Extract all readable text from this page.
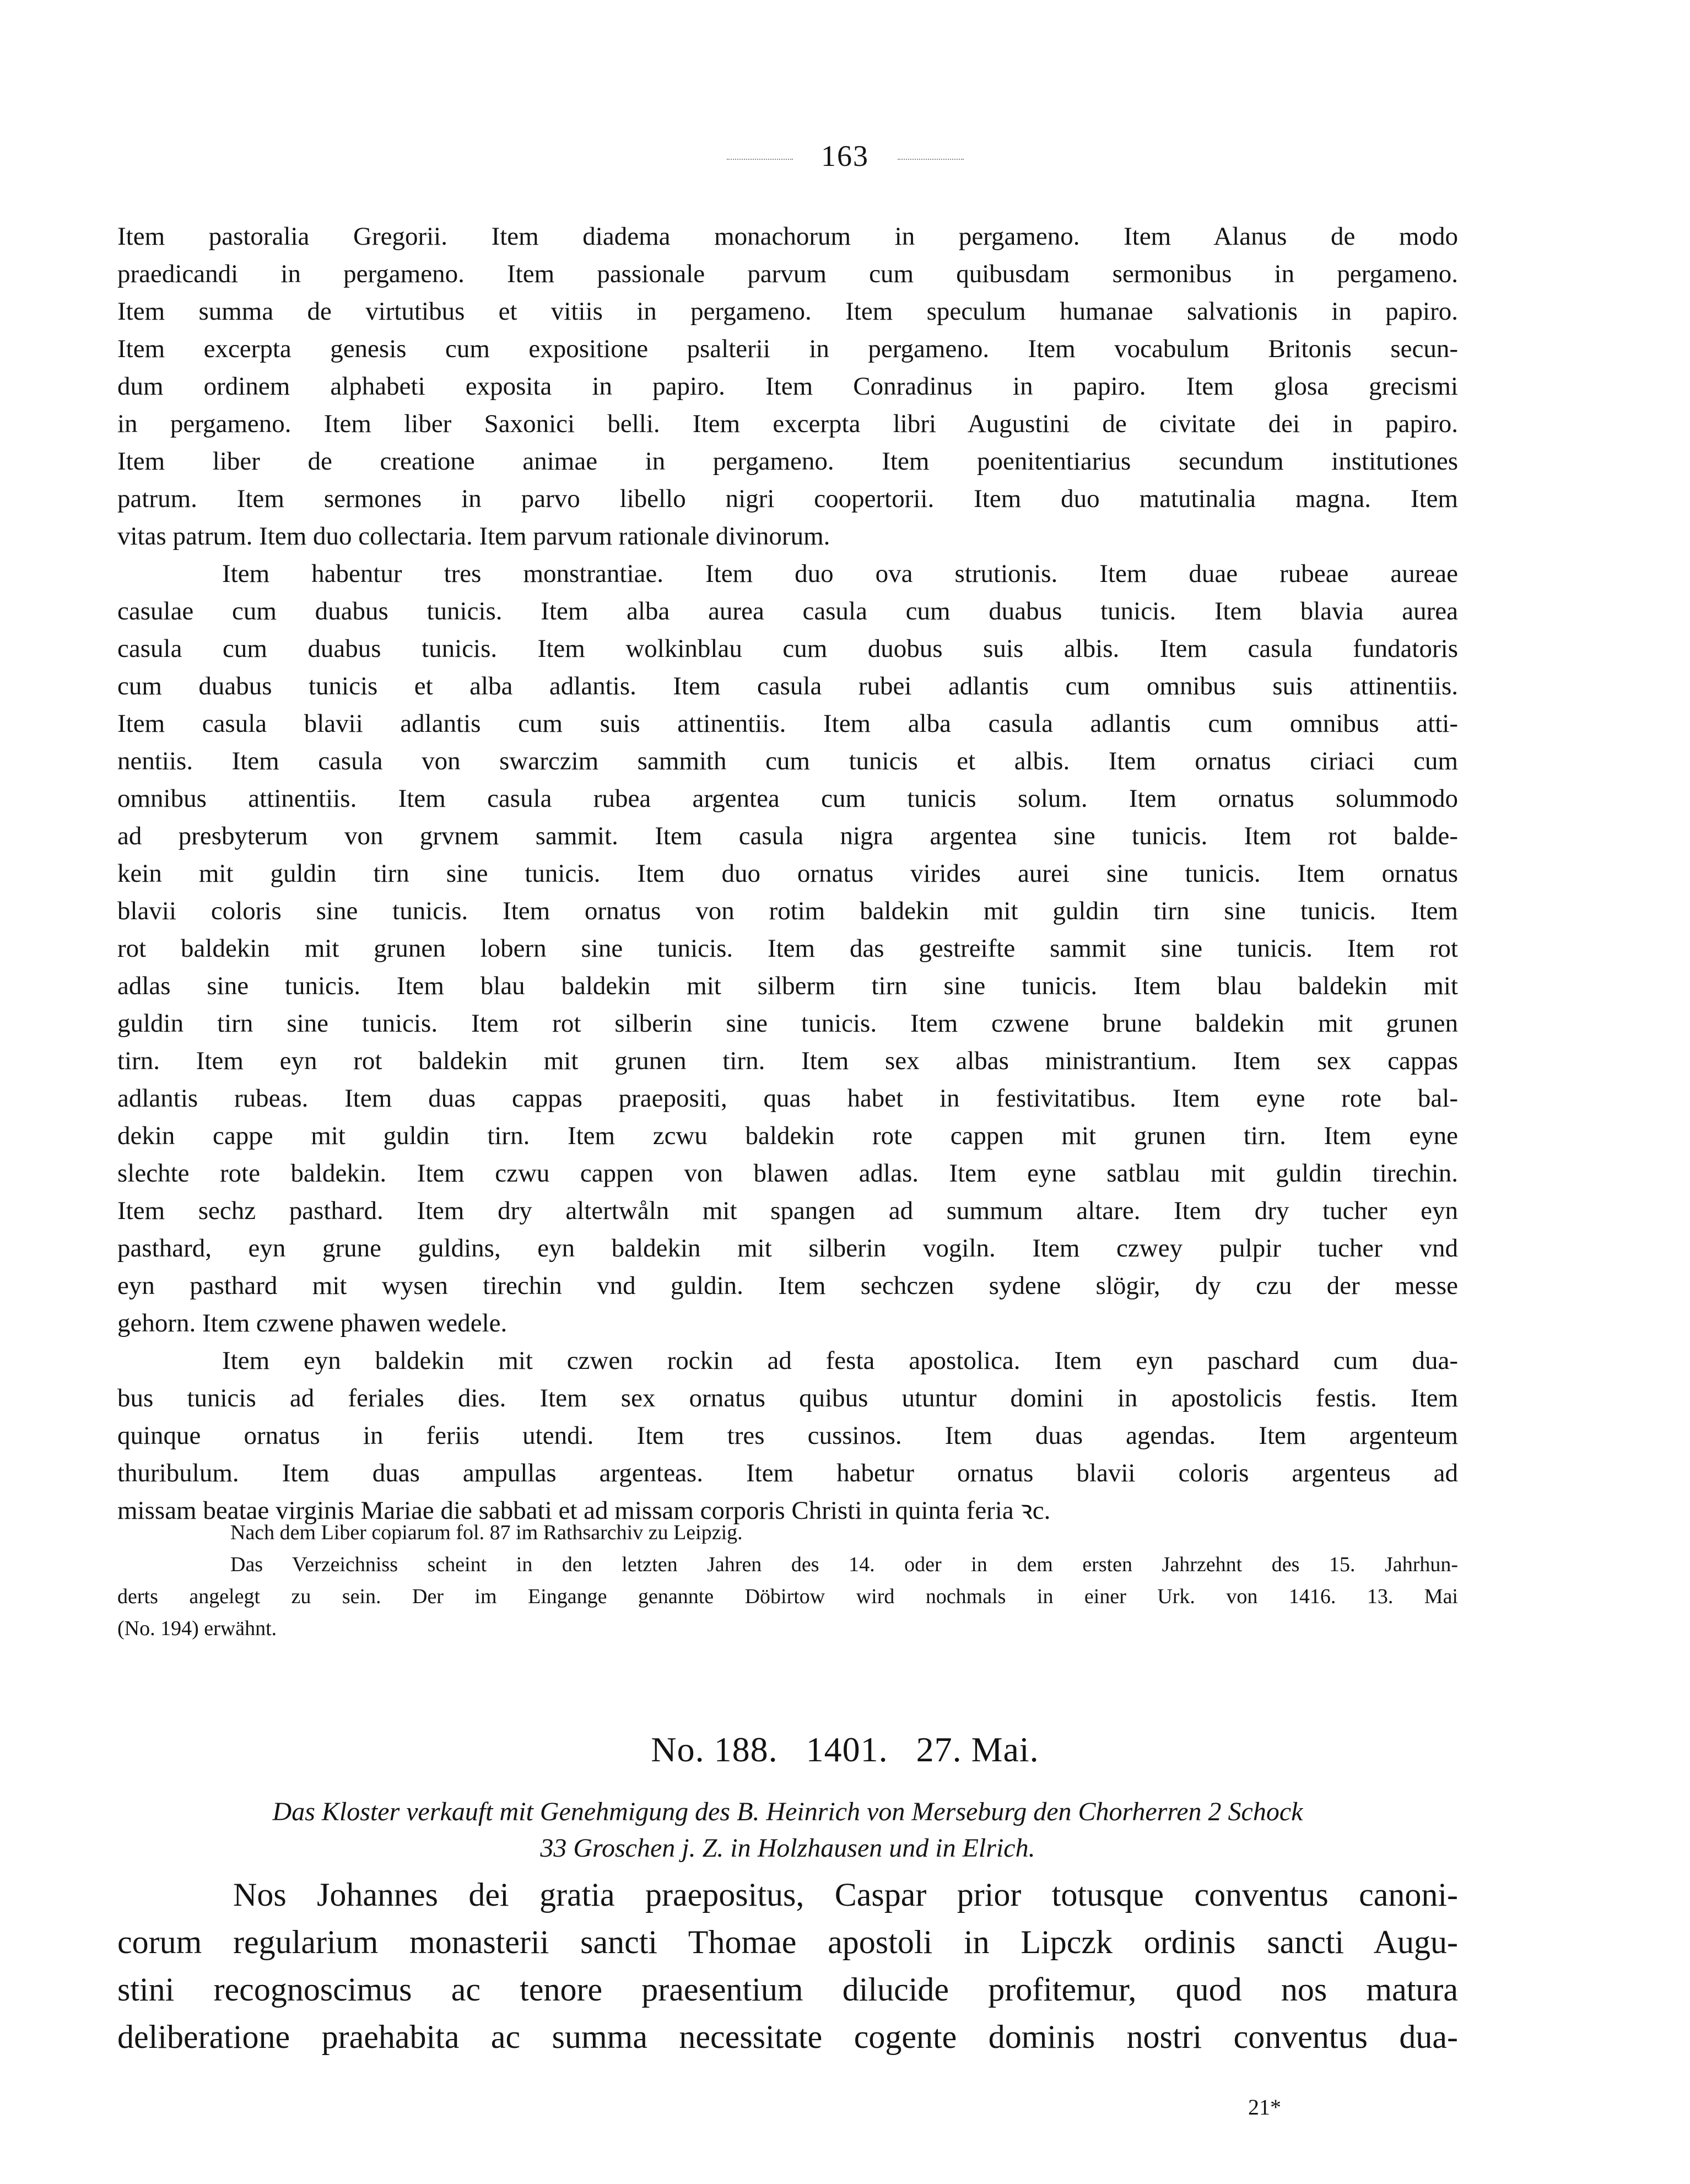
163

Item pastoralia Gregorii. Item diadema monachorum in pergameno. Item Alanus de modo
praedicandi in pergameno. Item passionale parvum cum quibusdam sermonibus in pergameno.
Item summa de virtutibus et vitiis in pergameno. Item speculum humanae salvationis in papiro.
Item excerpta genesis cum expositione psalterii in pergameno. Item vocabulum Britonis secun-
dum ordinem alphabeti exposita in papiro. Item Conradinus in papiro. Item glosa grecismi
in pergameno. Item liber Saxonici belli. Item excerpta libri Augustini de civitate dei in papiro.
Item liber de creatione animae in pergameno. Item poenitentiarius secundum institutiones
patrum. Item sermones in parvo libello nigri coopertorii. Item duo matutinalia magna. Item
vitas patrum. Item duo collectaria. Item parvum rationale divinorum.

Item habentur tres monstrantiae. Item duo ova strutionis. Item duae rubeae aureae
casulae cum duabus tunicis. Item alba aurea casula cum duabus tunicis. Item blavia aurea
casula cum duabus tunicis. Item wolkinblau cum duobus suis albis. Item casula fundatoris
cum duabus tunicis et alba adlantis. Item casula rubei adlantis cum omnibus suis attinentiis.
Item casula blavii adlantis cum suis attinentiis. Item alba casula adlantis cum omnibus atti-
nentiis. Item casula von swarczim sammith cum tunicis et albis. Item ornatus ciriaci cum
omnibus attinentiis. Item casula rubea argentea cum tunicis solum. Item ornatus solummodo
ad presbyterum von grvnem sammit. Item casula nigra argentea sine tunicis. Item rot balde-
kein mit guldin tirn sine tunicis. Item duo ornatus virides aurei sine tunicis. Item ornatus
blavii coloris sine tunicis. Item ornatus von rotim baldekin mit guldin tirn sine tunicis. Item
rot baldekin mit grunen lobern sine tunicis. Item das gestreifte sammit sine tunicis. Item rot
adlas sine tunicis. Item blau baldekin mit silberm tirn sine tunicis. Item blau baldekin mit
guldin tirn sine tunicis. Item rot silberin sine tunicis. Item czwene brune baldekin mit grunen
tirn. Item eyn rot baldekin mit grunen tirn. Item sex albas ministrantium. Item sex cappas
adlantis rubeas. Item duas cappas praepositi, quas habet in festivitatibus. Item eyne rote bal-
dekin cappe mit guldin tirn. Item zcwu baldekin rote cappen mit grunen tirn. Item eyne
slechte rote baldekin. Item czwu cappen von blawen adlas. Item eyne satblau mit guldin tirechin.
Item sechz pasthard. Item dry altertwåln mit spangen ad summum altare. Item dry tucher eyn
pasthard, eyn grune guldins, eyn baldekin mit silberin vogiln. Item czwey pulpir tucher vnd
eyn pasthard mit wysen tirechin vnd guldin. Item sechczen sydene slögir, dy czu der messe
gehorn. Item czwene phawen wedele.

Item eyn baldekin mit czwen rockin ad festa apostolica. Item eyn paschard cum dua-
bus tunicis ad feriales dies. Item sex ornatus quibus utuntur domini in apostolicis festis. Item
quinque ornatus in feriis utendi. Item tres cussinos. Item duas agendas. Item argenteum
thuribulum. Item duas ampullas argenteas. Item habetur ornatus blavii coloris argenteus ad
missam beatae virginis Mariae die sabbati et ad missam corporis Christi in quinta feria ꝛc.

Nach dem Liber copiarum fol. 87 im Rathsarchiv zu Leipzig.

Das Verzeichniss scheint in den letzten Jahren des 14. oder in dem ersten Jahrzehnt des 15. Jahrhun-
derts angelegt zu sein. Der im Eingange genannte Döbirtow wird nochmals in einer Urk. von 1416. 13. Mai
(No. 194) erwähnt.

No. 188.   1401.   27. Mai.
Das Kloster verkauft mit Genehmigung des B. Heinrich von Merseburg den Chorherren 2 Schock
33 Groschen j. Z. in Holzhausen und in Elrich.
Nos Johannes dei gratia praepositus, Caspar prior totusque conventus canoni-
corum regularium monasterii sancti Thomae apostoli in Lipczk ordinis sancti Augu-
stini recognoscimus ac tenore praesentium dilucide profitemur, quod nos matura
deliberatione praehabita ac summa necessitate cogente dominis nostri conventus dua-
21*
